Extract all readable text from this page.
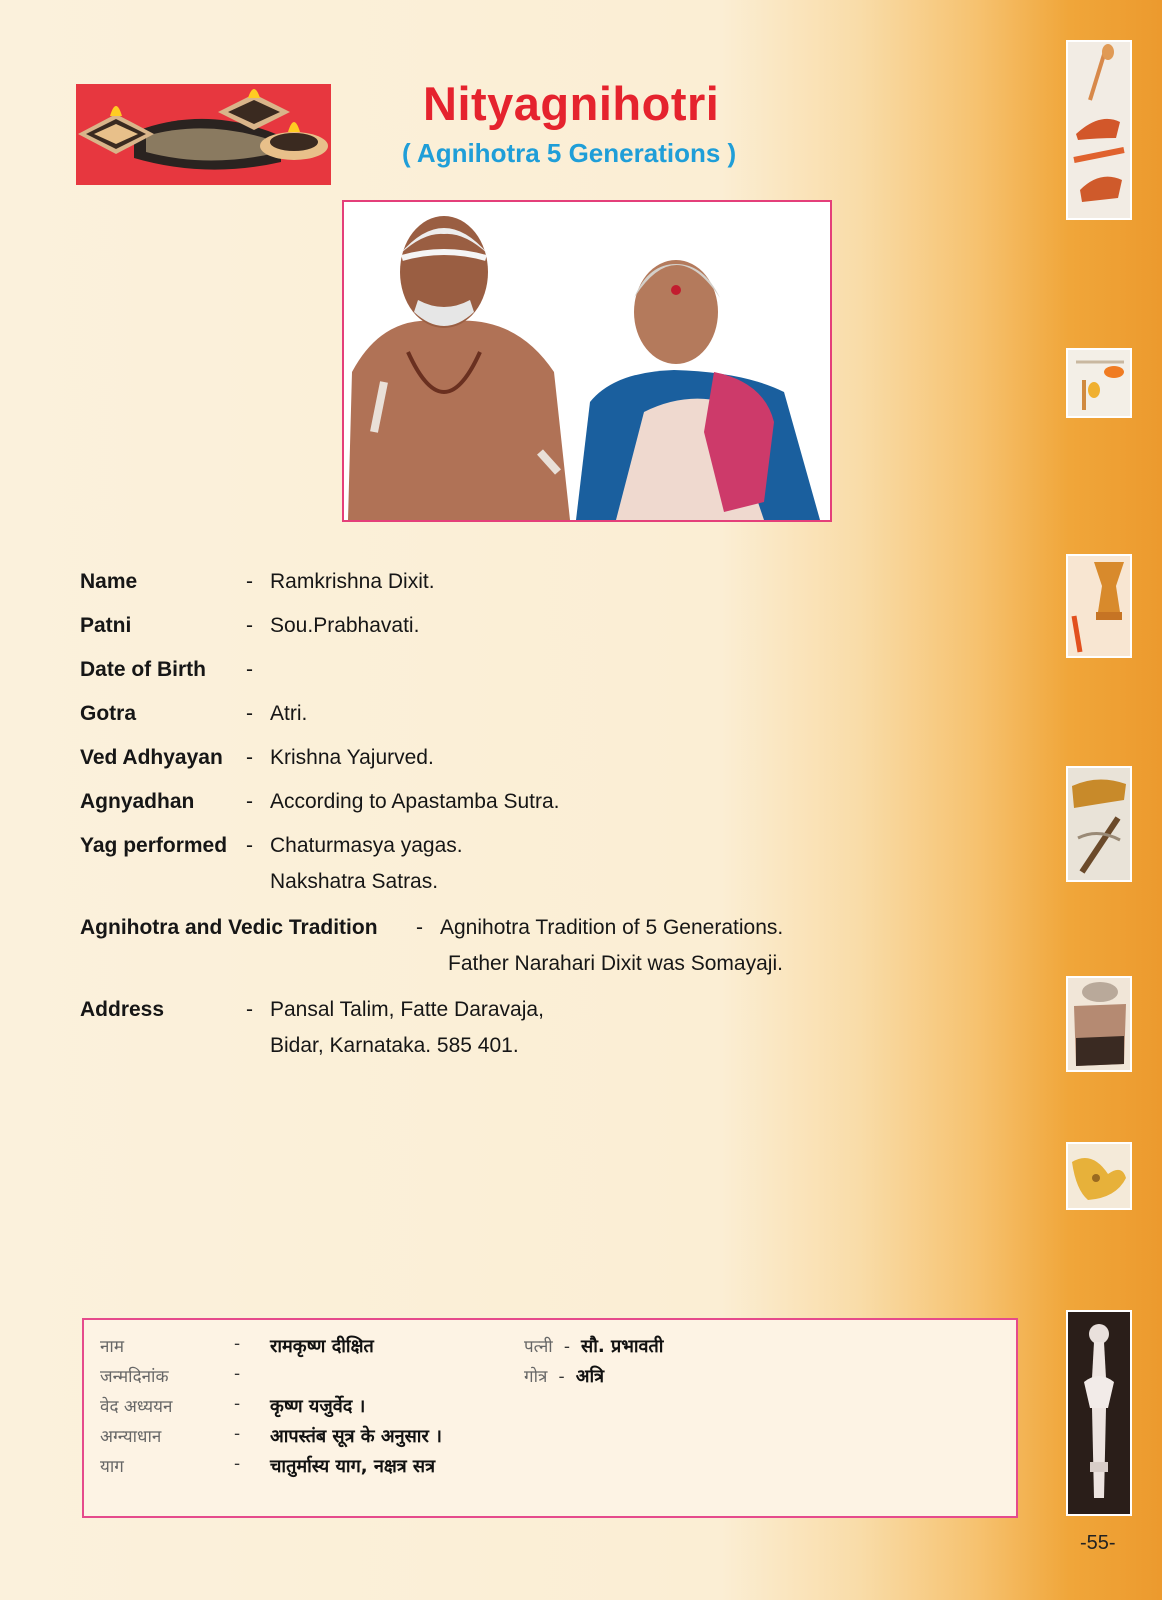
Nityagnihotri
( Agnihotra 5 Generations )
Name	- Ramkrishna Dixit.
Patni	- Sou.Prabhavati.
Date of Birth -
Gotra	- Atri.
Ved Adhyayan - Krishna Yajurved.
Agnyadhan - According to Apastamba Sutra.
Yag performed - Chaturmasya yagas.
Nakshatra Satras.
Agnihotra and Vedic Tradition - Agnihotra Tradition of 5 Generations.
Father Narahari Dixit was Somayaji.
Address	- Pansal Talim, Fatte Daravaja,
Bidar, Karnataka. 585 401.
नाम	- रामकृष्ण दीक्षित
जन्मदिनांक	-
वेद अध्ययन	- कृष्ण यजुर्वेद ।
अग्न्याधान	- आपस्तंब सूत्र के अनुसार ।
याग	- चातुर्मास्य याग, नक्षत्र सत्र
पत्नी - सौ. प्रभावती
गोत्र - अत्रि
-55-
